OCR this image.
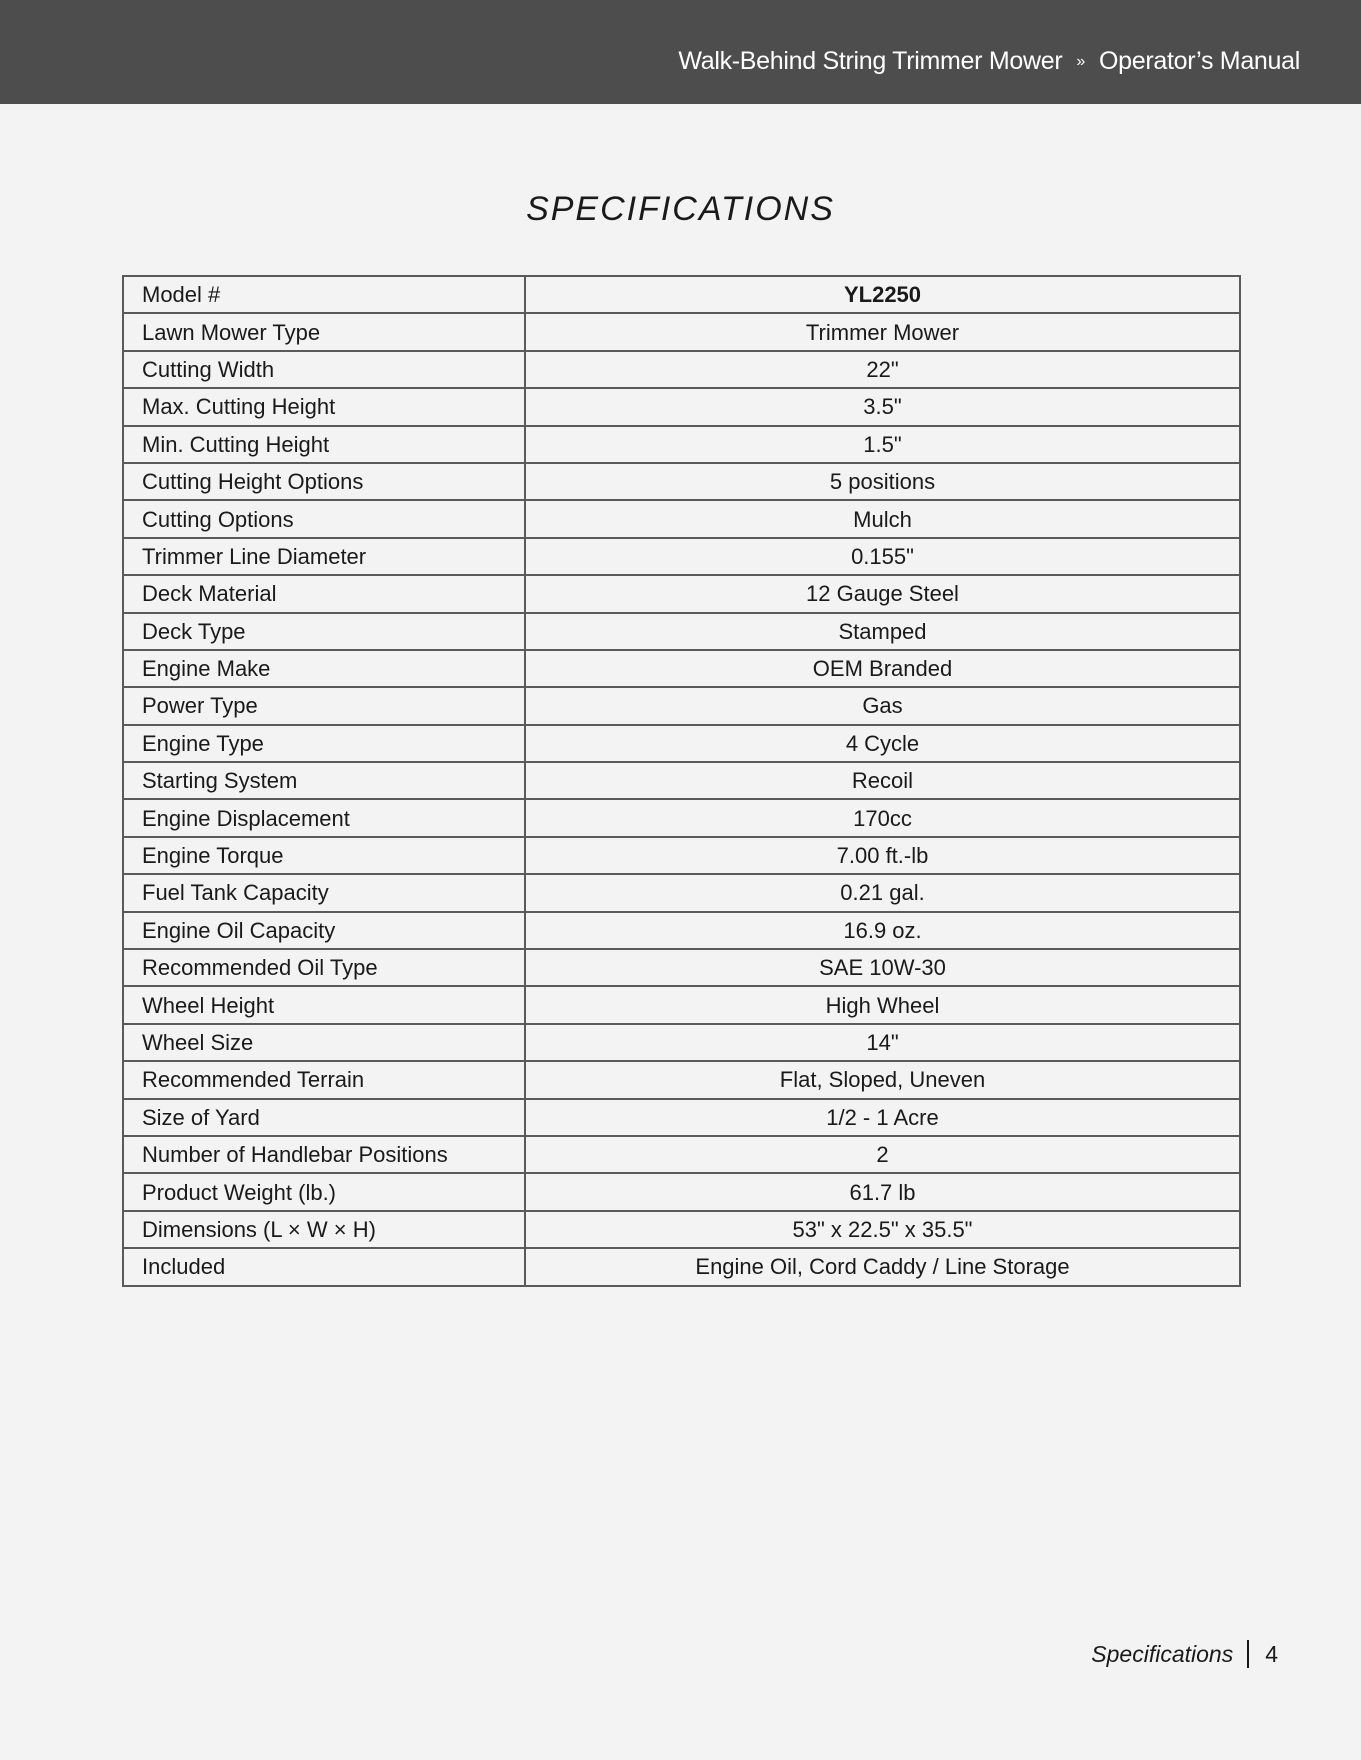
Walk-Behind String Trimmer Mower » Operator’s Manual
SPECIFICATIONS
Model #	YL2250
Lawn Mower Type	Trimmer Mower
Cutting Width	22"
Max. Cutting Height	3.5"
Min. Cutting Height	1.5"
Cutting Height Options	5 positions
Cutting Options	Mulch
Trimmer Line Diameter	0.155"
Deck Material	12 Gauge Steel
Deck Type	Stamped
Engine Make	OEM Branded
Power Type	Gas
Engine Type	4 Cycle
Starting System	Recoil
Engine Displacement	170cc
Engine Torque	7.00 ft.-lb
Fuel Tank Capacity	0.21 gal.
Engine Oil Capacity	16.9 oz.
Recommended Oil Type	SAE 10W-30
Wheel Height	High Wheel
Wheel Size	14"
Recommended Terrain	Flat, Sloped, Uneven
Size of Yard	1/2 - 1 Acre
Number of Handlebar Positions	2
Product Weight (lb.)	61.7 lb
Dimensions (L × W × H)	53" x 22.5" x 35.5"
Included	Engine Oil, Cord Caddy / Line Storage
Specifications 4
